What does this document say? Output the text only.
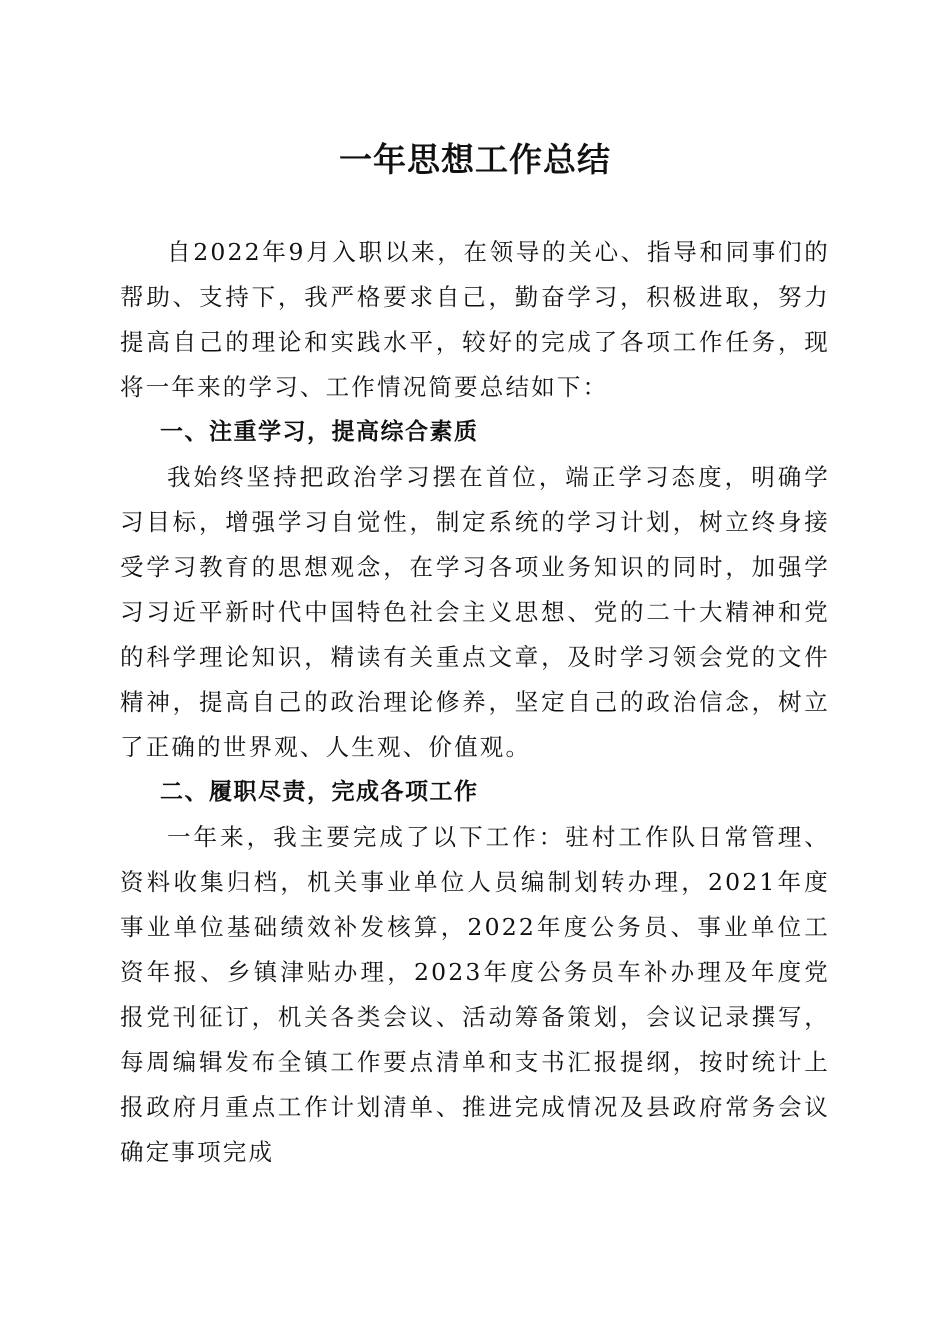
一年思想工作总结

自2022年9月入职以来，在领导的关心、指导和同事们的帮助、支持下，我严格要求自己，勤奋学习，积极进取，努力提高自己的理论和实践水平，较好的完成了各项工作任务，现将一年来的学习、工作情况简要总结如下：

一、注重学习，提高综合素质

我始终坚持把政治学习摆在首位，端正学习态度，明确学习目标，增强学习自觉性，制定系统的学习计划，树立终身接受学习教育的思想观念，在学习各项业务知识的同时，加强学习习近平新时代中国特色社会主义思想、党的二十大精神和党的科学理论知识，精读有关重点文章，及时学习领会党的文件精神，提高自己的政治理论修养，坚定自己的政治信念，树立了正确的世界观、人生观、价值观。

二、履职尽责，完成各项工作

一年来，我主要完成了以下工作：驻村工作队日常管理、资料收集归档，机关事业单位人员编制划转办理，2021年度事业单位基础绩效补发核算，2022年度公务员、事业单位工资年报、乡镇津贴办理，2023年度公务员车补办理及年度党报党刊征订，机关各类会议、活动筹备策划，会议记录撰写，每周编辑发布全镇工作要点清单和支书汇报提纲，按时统计上报政府月重点工作计划清单、推进完成情况及县政府常务会议确定事项完成
